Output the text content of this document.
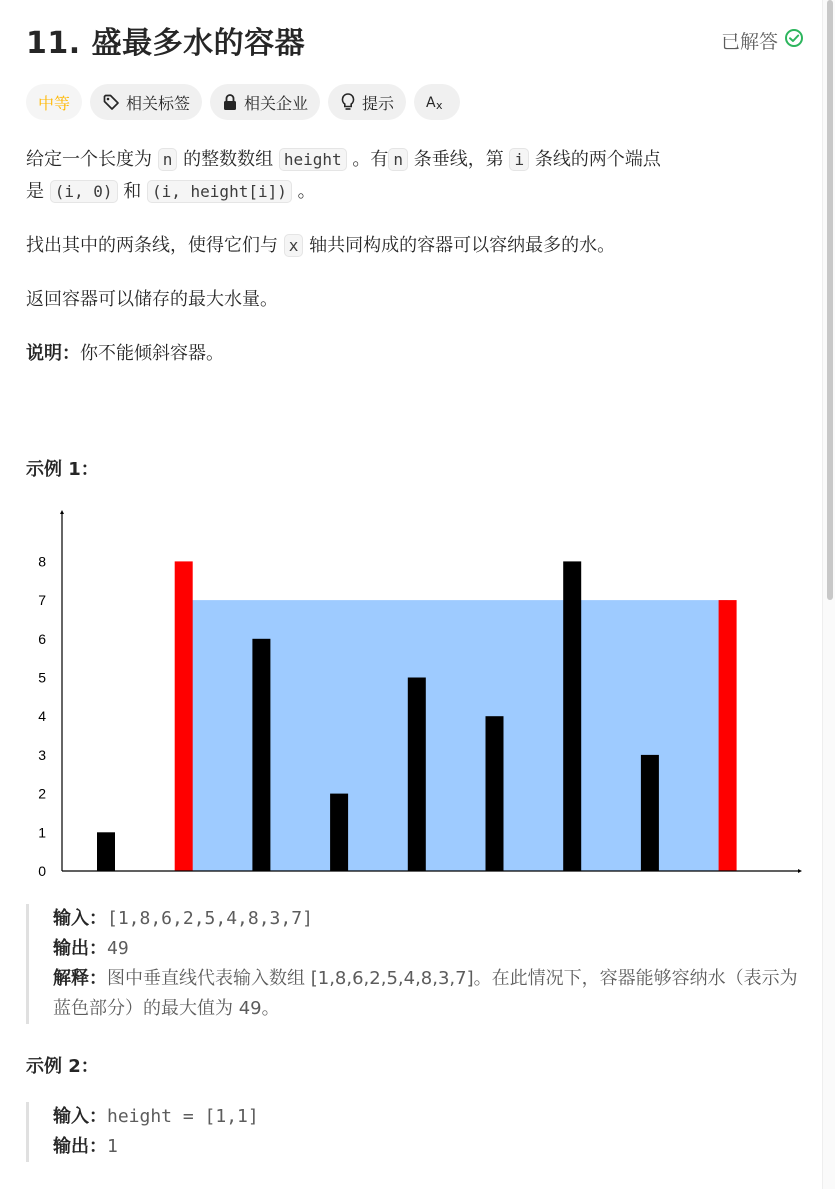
11. 盛最多水的容器	已解答
中等	相关标签	相关企业	提示 A x

给定一个长度为 n 的整数数组 height 。有 n 条垂线，第 i 条线的两个端点
是 (i, 0) 和 (i, height[i]) 。

找出其中的两条线，使得它们与 x 轴共同构成的容器可以容纳最多的水。

返回容器可以储存的最大水量。

说明：你不能倾斜容器。

示例 1：
0
1
2
3
4
5
6
7
8
输入：[1,8,6,2,5,4,8,3,7]
输出：49
解释：图中垂直线代表输入数组 [1,8,6,2,5,4,8,3,7]。在此情况下，容器能够容纳水（表示为蓝色部分）的最大值为 49。
示例 2：
输入：height = [1,1]
输出：1
